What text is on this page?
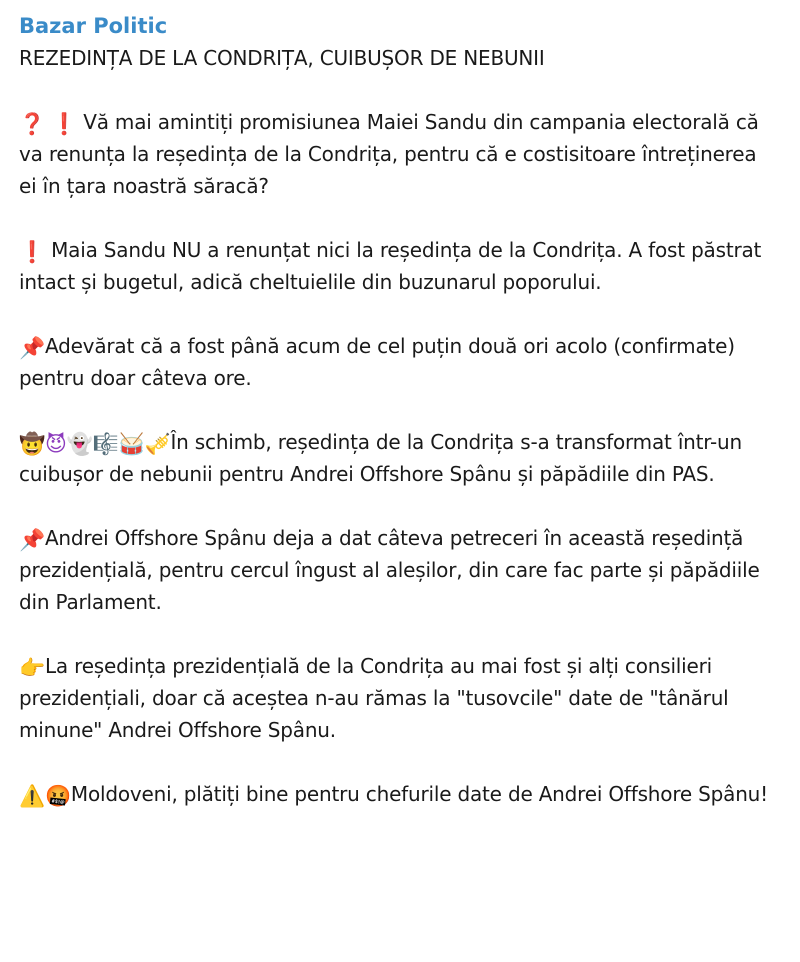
Bazar Politic
REZEDINȚA DE LA CONDRIȚA, CUIBUȘOR DE NEBUNII
❓ ❗ Vă mai amintiți promisiunea Maiei Sandu din campania electorală că va renunța la reședința de la Condrița, pentru că e costisitoare întreținerea ei în țara noastră săracă?
❗ Maia Sandu NU a renunțat nici la reședința de la Condrița. A fost păstrat intact și bugetul, adică cheltuielile din buzunarul poporului.
📌Adevărat că a fost până acum de cel puțin două ori acolo (confirmate) pentru doar câteva ore.
🤠😈👻🎼🥁🎺În schimb, reședința de la Condrița s-a transformat într-un cuibușor de nebunii pentru Andrei Offshore Spânu și păpădiile din PAS.
📌Andrei Offshore Spânu deja a dat câteva petreceri în această reședință prezidențială, pentru cercul îngust al aleșilor, din care fac parte și păpădiile din Parlament.
👉La reședința prezidențială de la Condrița au mai fost și alți consilieri prezidențiali, doar că aceștea n-au rămas la "tusovcile" date de "tânărul minune" Andrei Offshore Spânu.
⚠️🤬Moldoveni, plătiți bine pentru chefurile date de Andrei Offshore Spânu!
